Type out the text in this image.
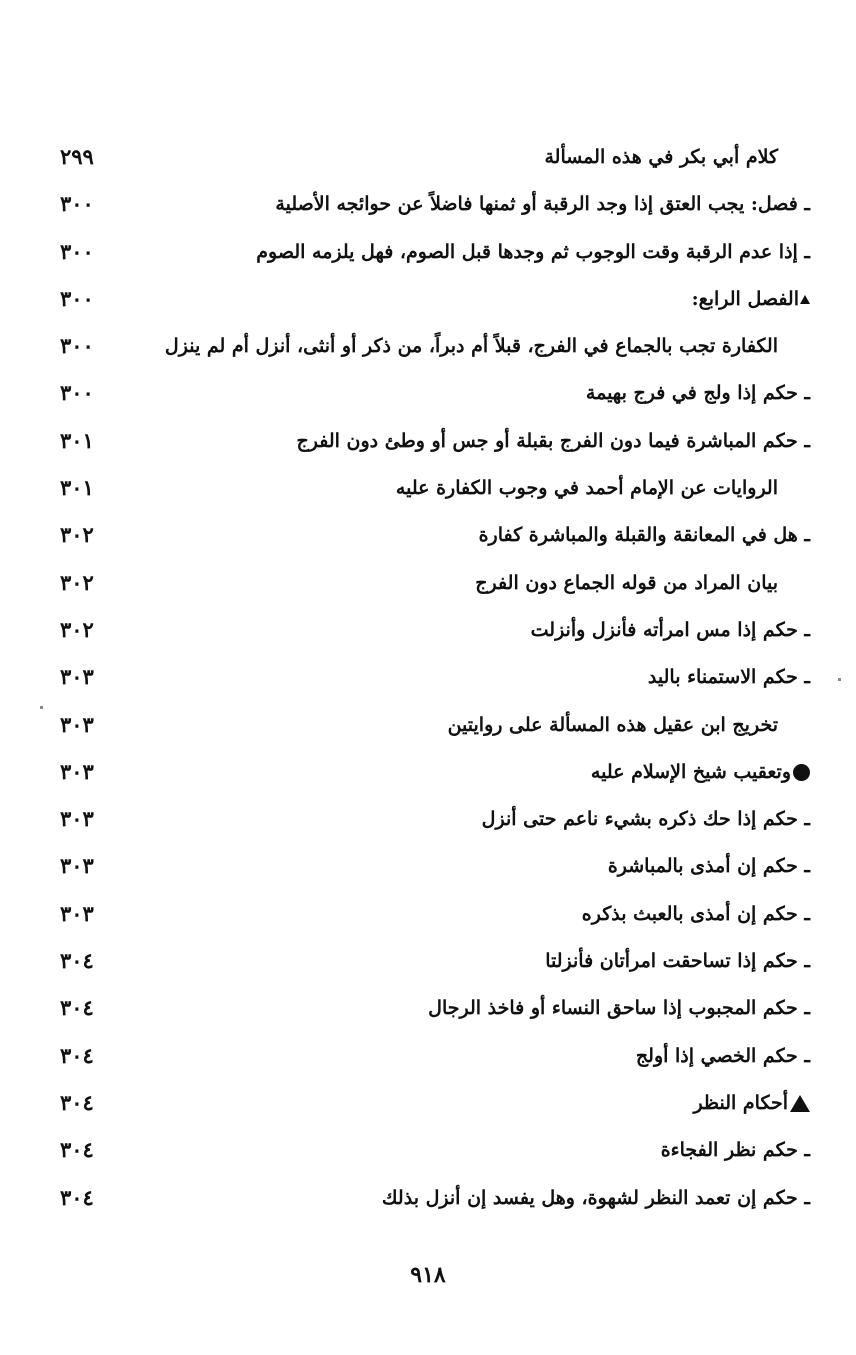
كلام أبي بكر في هذه المسألة
٢٩٩
ـ فصل: يجب العتق إذا وجد الرقبة أو ثمنها فاضلاً عن حوائجه الأصلية
٣٠٠
ـ إذا عدم الرقبة وقت الوجوب ثم وجدها قبل الصوم، فهل يلزمه الصوم
٣٠٠
الفصل الرابع:
٣٠٠
الكفارة تجب بالجماع في الفرج، قبلاً أم دبراً، من ذكر أو أنثى، أنزل أم لم ينزل
٣٠٠
ـ حكم إذا ولج في فرج بهيمة
٣٠٠
ـ حكم المباشرة فيما دون الفرج بقبلة أو جس أو وطئ دون الفرج
٣٠١
الروايات عن الإمام أحمد في وجوب الكفارة عليه
٣٠١
ـ هل في المعانقة والقبلة والمباشرة كفارة
٣٠٢
بيان المراد من قوله الجماع دون الفرج
٣٠٢
ـ حكم إذا مس امرأته فأنزل وأنزلت
٣٠٢
ـ حكم الاستمناء باليد
٣٠٣
تخريج ابن عقيل هذه المسألة على روايتين
٣٠٣
وتعقيب شيخ الإسلام عليه
٣٠٣
ـ حكم إذا حك ذكره بشيء ناعم حتى أنزل
٣٠٣
ـ حكم إن أمذى بالمباشرة
٣٠٣
ـ حكم إن أمذى بالعبث بذكره
٣٠٣
ـ حكم إذا تساحقت امرأتان فأنزلتا
٣٠٤
ـ حكم المجبوب إذا ساحق النساء أو فاخذ الرجال
٣٠٤
ـ حكم الخصي إذا أولج
٣٠٤
أحكام النظر
٣٠٤
ـ حكم نظر الفجاءة
٣٠٤
ـ حكم إن تعمد النظر لشهوة، وهل يفسد إن أنزل بذلك
٣٠٤
٩١٨
